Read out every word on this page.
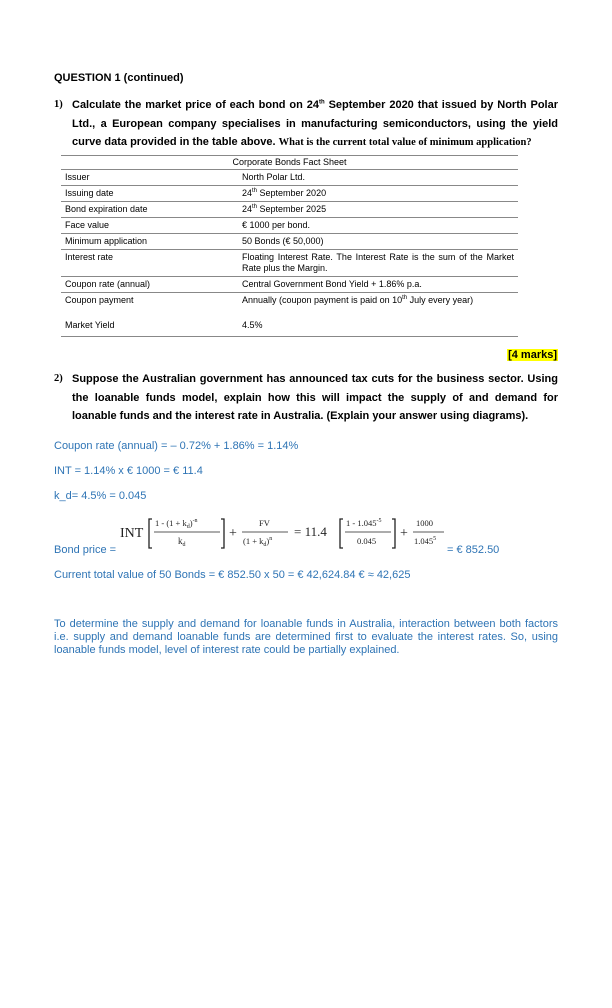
QUESTION 1 (continued)
1) Calculate the market price of each bond on 24th September 2020 that issued by North Polar Ltd., a European company specialises in manufacturing semiconductors, using the yield curve data provided in the table above. What is the current total value of minimum application?
Corporate Bonds Fact Sheet	
Issuer	North Polar Ltd.
Issuing date	24th September 2020
Bond expiration date	24th September 2025
Face value	€ 1000 per bond.
Minimum application	50 Bonds (€ 50,000)
Interest rate	Floating Interest Rate. The Interest Rate is the sum of the Market Rate plus the Margin.
Coupon rate (annual)	Central Government Bond Yield + 1.86% p.a.
Coupon payment	Annually (coupon payment is paid on 10th July every year)

Market Yield	4.5%
[4 marks]
2) Suppose the Australian government has announced tax cuts for the business sector. Using the loanable funds model, explain how this will impact the supply of and demand for loanable funds and the interest rate in Australia. (Explain your answer using diagrams).
Coupon rate (annual) = – 0.72% + 1.86% = 1.14%
INT = 1.14% x € 1000 = € 11.4
k_d= 4.5% = 0.045
Bond price =
INT
$1 - (1 + k_d)^{-n}$
$k_d$
+
FV
$(1 + k_d)^n = 11.4$
$1 - 1.045^{-5}$
0.045 +
1000
$1.045^5$
= € 852.50
Current total value of 50 Bonds = € 852.50 x 50 = € 42,624.84 € ≈ 42,625
To determine the supply and demand for loanable funds in Australia, interaction between both factors i.e. supply and demand loanable funds are determined first to evaluate the interest rates. So, using loanable funds model, level of interest rate could be partially explained.
